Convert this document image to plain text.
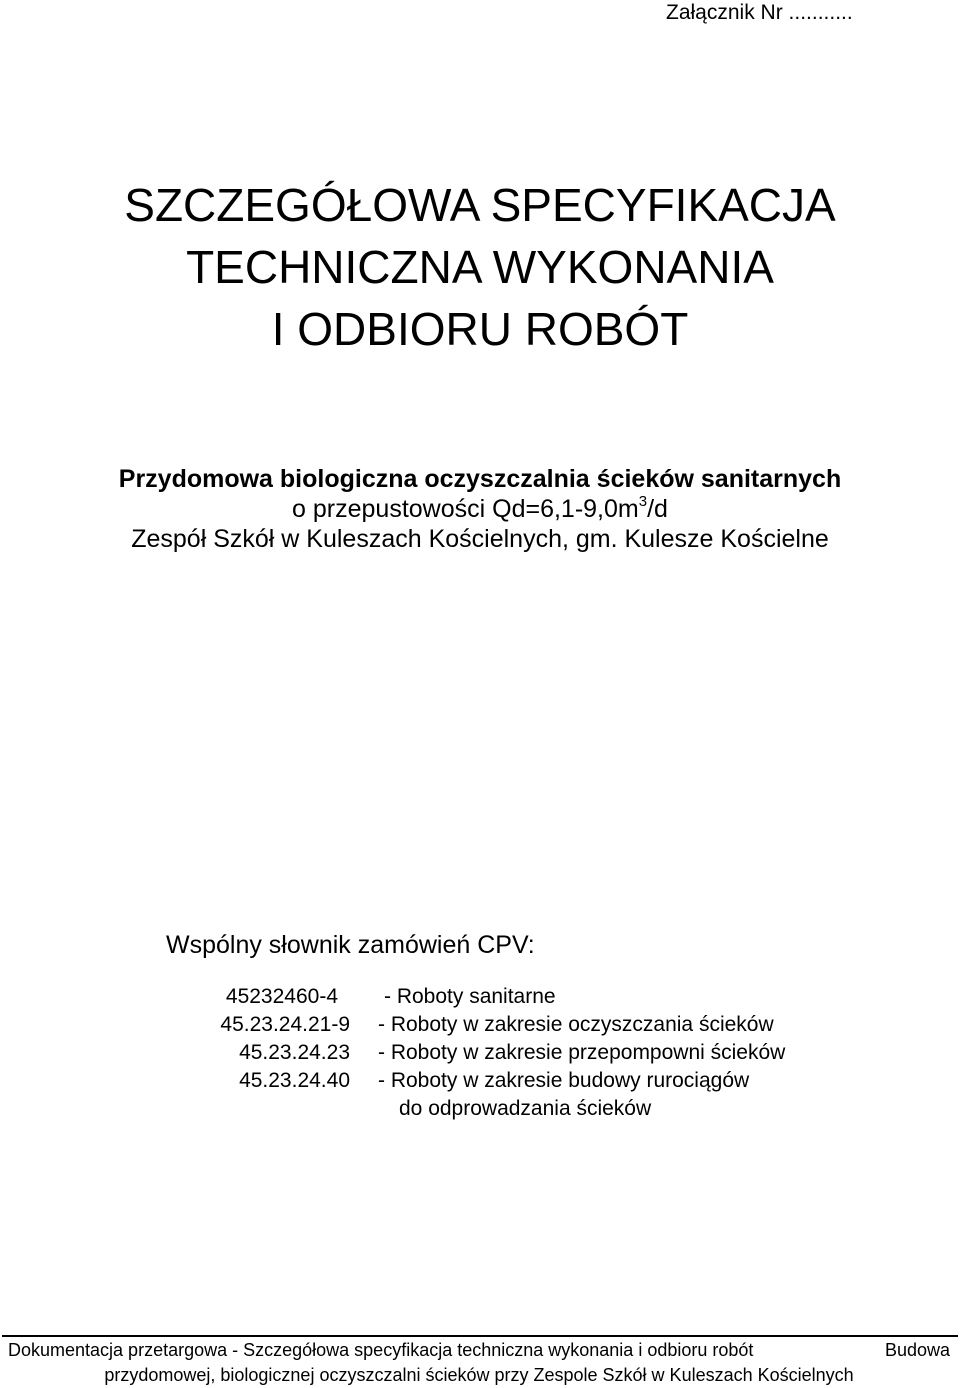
Załącznik Nr ...........
SZCZEGÓŁOWA SPECYFIKACJA
TECHNICZNA WYKONANIA
I ODBIORU ROBÓT
Przydomowa biologiczna oczyszczalnia ścieków sanitarnych
o przepustowości $Qd=6,1-9,0m^3/d$
Zespół Szkół w Kuleszach Kościelnych, gm. Kulesze Kościelne
Wspólny słownik zamówień CPV:
45232460-4 - Roboty sanitarne
45.23.24.21-9 - Roboty w zakresie oczyszczania ścieków
45.23.24.23 - Roboty w zakresie przepompowni ścieków
45.23.24.40 - Roboty w zakresie budowy rurociągów
do odprowadzania ścieków
Dokumentacja przetargowa - Szczegółowa specyfikacja techniczna wykonania i odbioru robót	Budowa
przydomowej, biologicznej oczyszczalni ścieków przy Zespole Szkół w Kuleszach Kościelnych
